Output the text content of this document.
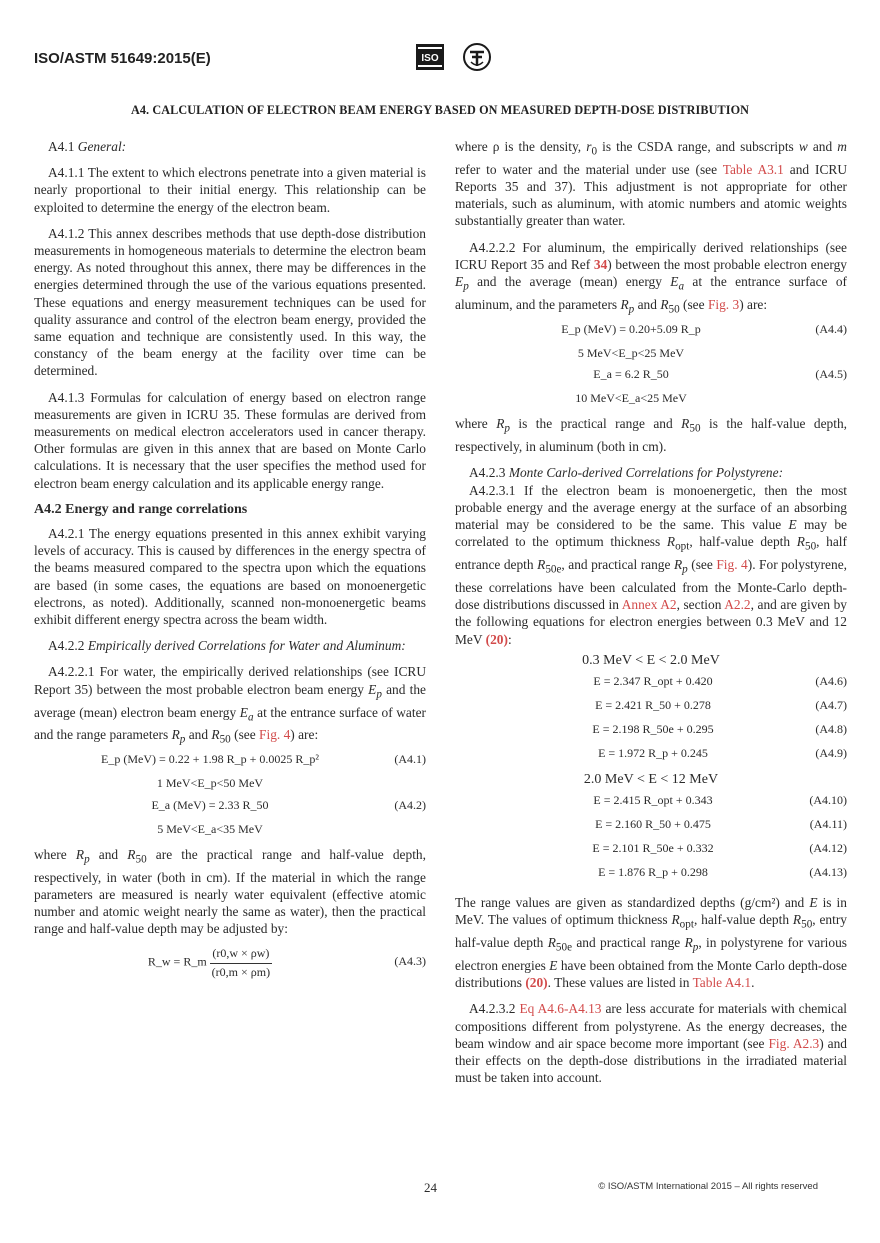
ISO/ASTM 51649:2015(E)	ISO
A4. CALCULATION OF ELECTRON BEAM ENERGY BASED ON MEASURED DEPTH-DOSE DISTRIBUTION

A4.1 General:

A4.1.1 The extent to which electrons penetrate into a given material is nearly proportional to their initial energy. This relationship can be exploited to determine the energy of the electron beam.

A4.1.2 This annex describes methods that use depth-dose distribution measurements in homogeneous materials to determine the electron beam energy. As noted throughout this annex, there may be differences in the energies determined through the use of the various equations presented. These equations and energy measurement techniques can be used for quality assurance and control of the electron beam energy, provided the same equation and technique are consistently used. In this way, the constancy of the beam energy at the facility over time can be determined.

A4.1.3 Formulas for calculation of energy based on electron range measurements are given in ICRU 35. These formulas are derived from measurements on medical electron accelerators used in cancer therapy. Other formulas are given in this annex that are based on Monte Carlo calculations. It is necessary that the user specifies the method used for electron beam energy calculation and its applicable energy range.

A4.2 Energy and range correlations

A4.2.1 The energy equations presented in this annex exhibit varying levels of accuracy. This is caused by differences in the energy spectra of the beams measured compared to the spectra upon which the equations are based (in some cases, the equations are based on monoenergetic electrons, as noted). Additionally, scanned non-monoenergetic beams exhibit different energy spectra across the beam width.

A4.2.2 Empirically derived Correlations for Water and Aluminum:

A4.2.2.1 For water, the empirically derived relationships (see ICRU Report 35) between the most probable electron beam energy $E_p$ and the average (mean) electron beam energy $E_a$ at the entrance surface of water and the range parameters $R_p$ and $R_{50}$ (see Fig. 4) are:

E_p (MeV) = 0.22 + 1.98 R_p + 0.0025 R_p²	(A4.1)
1 MeV<E_p<50 MeV
E_a (MeV) = 2.33 R_50	(A4.2)
5 MeV<E_a<35 MeV

where $R_p$ and $R_{50}$ are the practical range and half-value depth, respectively, in water (both in cm). If the material in which the range parameters are measured is nearly water equivalent (effective atomic number and atomic weight nearly the same as water), then the practical range and half-value depth may be adjusted by:

R_w = R_m $\frac{(r0,w \times \rho w)}{(r0,m \times \rho m)}$	(A4.3)

where ρ is the density, $r_0$ is the CSDA range, and subscripts w and m refer to water and the material under use (see Table A3.1 and ICRU Reports 35 and 37). This adjustment is not appropriate for other materials, such as aluminum, with atomic numbers and atomic weights substantially greater than water.

A4.2.2.2 For aluminum, the empirically derived relationships (see ICRU Report 35 and Ref 34) between the most probable electron energy $E_p$ and the average (mean) energy $E_a$ at the entrance surface of aluminum, and the parameters $R_p$ and $R_{50}$ (see Fig. 3) are:

E_p (MeV) = 0.20+5.09 R_p	(A4.4)
5 MeV<E_p<25 MeV
E_a = 6.2 R_50	(A4.5)
10 MeV<E_a<25 MeV

where $R_p$ is the practical range and $R_{50}$ is the half-value depth, respectively, in aluminum (both in cm).

A4.2.3 Monte Carlo-derived Correlations for Polystyrene:

A4.2.3.1 If the electron beam is monoenergetic, then the most probable energy and the average energy at the surface of an absorbing material may be considered to be the same. This value E may be correlated to the optimum thickness $R_{opt}$, half-value depth $R_{50}$, half entrance depth $R_{50e}$, and practical range $R_p$ (see Fig. 4). For polystyrene, these correlations have been calculated from the Monte-Carlo depth-dose distributions discussed in Annex A2, section A2.2, and are given by the following equations for electron energies between 0.3 MeV and 12 MeV (20):

0.3 MeV < E < 2.0 MeV
E = 2.347 R_opt + 0.420	(A4.6)
E = 2.421 R_50 + 0.278	(A4.7)
E = 2.198 R_50e + 0.295	(A4.8)
E = 1.972 R_p + 0.245	(A4.9)
2.0 MeV < E < 12 MeV
E = 2.415 R_opt + 0.343	(A4.10)
E = 2.160 R_50 + 0.475	(A4.11)
E = 2.101 R_50e + 0.332	(A4.12)
E = 1.876 R_p + 0.298	(A4.13)

The range values are given as standardized depths (g/cm²) and E is in MeV. The values of optimum thickness $R_{opt}$, half-value depth $R_{50}$, entry half-value depth $R_{50e}$ and practical range $R_p$, in polystyrene for various electron energies E have been obtained from the Monte Carlo depth-dose distributions (20). These values are listed in Table A4.1.

A4.2.3.2 Eq A4.6-A4.13 are less accurate for materials with chemical compositions different from polystyrene. As the energy decreases, the beam window and air space become more important (see Fig. A2.3) and their effects on the depth-dose distributions in the irradiated material must be taken into account.

24	© ISO/ASTM International 2015 – All rights reserved
